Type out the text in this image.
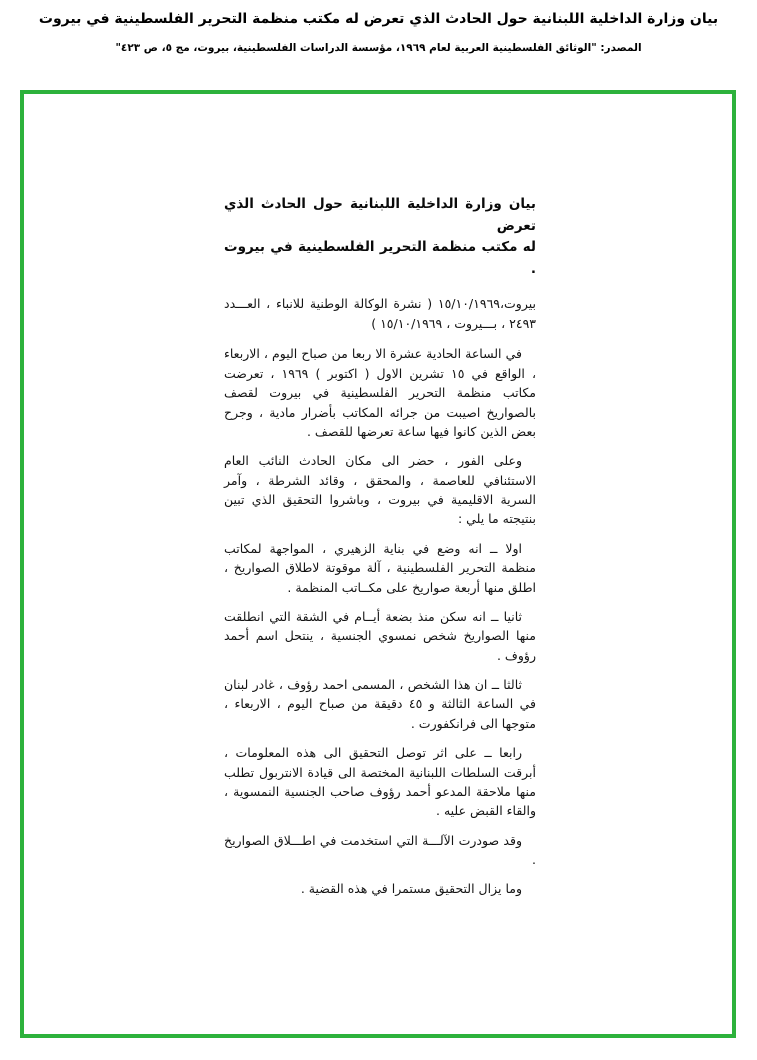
بيان وزارة الداخلية اللبنانية حول الحادث الذي تعرض له مكتب منظمة التحرير الفلسطينية في بيروت
المصدر: "الوثائق الفلسطينية العربية لعام ١٩٦٩، مؤسسة الدراسات الفلسطينية، بيروت، مج ٥، ص ٤٢٣"
بيان وزارة الداخلية اللبنانية حول الحادث الذي تعرض
له مكتب منظمة التحرير الفلسطينية في بيروت .

بيروت،١٥/١٠/١٩٦٩ ( نشرة الوكالة الوطنية للانباء ، العـــدد ٢٤٩٣ ، بـــيروت ، ١٥/١٠/١٩٦٩ )

في الساعة الحادية عشرة الا ربعا من صباح اليوم ، الاربعاء ، الواقع في ١٥ تشرين الاول ( اكتوبر ) ١٩٦٩ ، تعرضت مكاتب منظمة التحرير الفلسطينية في بيروت لقصف بالصواريخ اصيبت من جرائه المكاتب بأضرار مادية ، وجرح بعض الذين كانوا فيها ساعة تعرضها للقصف .

وعلى الفور ، حضر الى مكان الحادث النائب العام الاستئنافي للعاصمة ، والمحقق ، وقائد الشرطة ، وآمر السرية الاقليمية في بيروت ، وباشروا التحقيق الذي تبين بنتيجته ما يلي :

اولا ــ انه وضع في بناية الزهيري ، المواجهة لمكاتب منظمة التحرير الفلسطينية ، آلة موقوتة لاطلاق الصواريخ ، اطلق منها أربعة صواريخ على مكــاتب المنظمة .

ثانيا ــ انه سكن منذ بضعة أيــام في الشقة التي انطلقت منها الصواريخ شخص نمسوي الجنسية ، ينتحل اسم أحمد رؤوف .

ثالثا ــ ان هذا الشخص ، المسمى احمد رؤوف ، غادر لبنان في الساعة الثالثة و ٤٥ دقيقة من صباح اليوم ، الاربعاء ، متوجها الى فرانكفورت .

رابعا ــ على اثر توصل التحقيق الى هذه المعلومات ، أبرقت السلطات اللبنانية المختصة الى قيادة الانتربول تطلب منها ملاحقة المدعو أحمد رؤوف صاحب الجنسية النمسوية ، والقاء القبض عليه .

وقد صودرت الآلـــة التي استخدمت في اطـــلاق الصواريخ .

وما يزال التحقيق مستمرا في هذه القضية .
